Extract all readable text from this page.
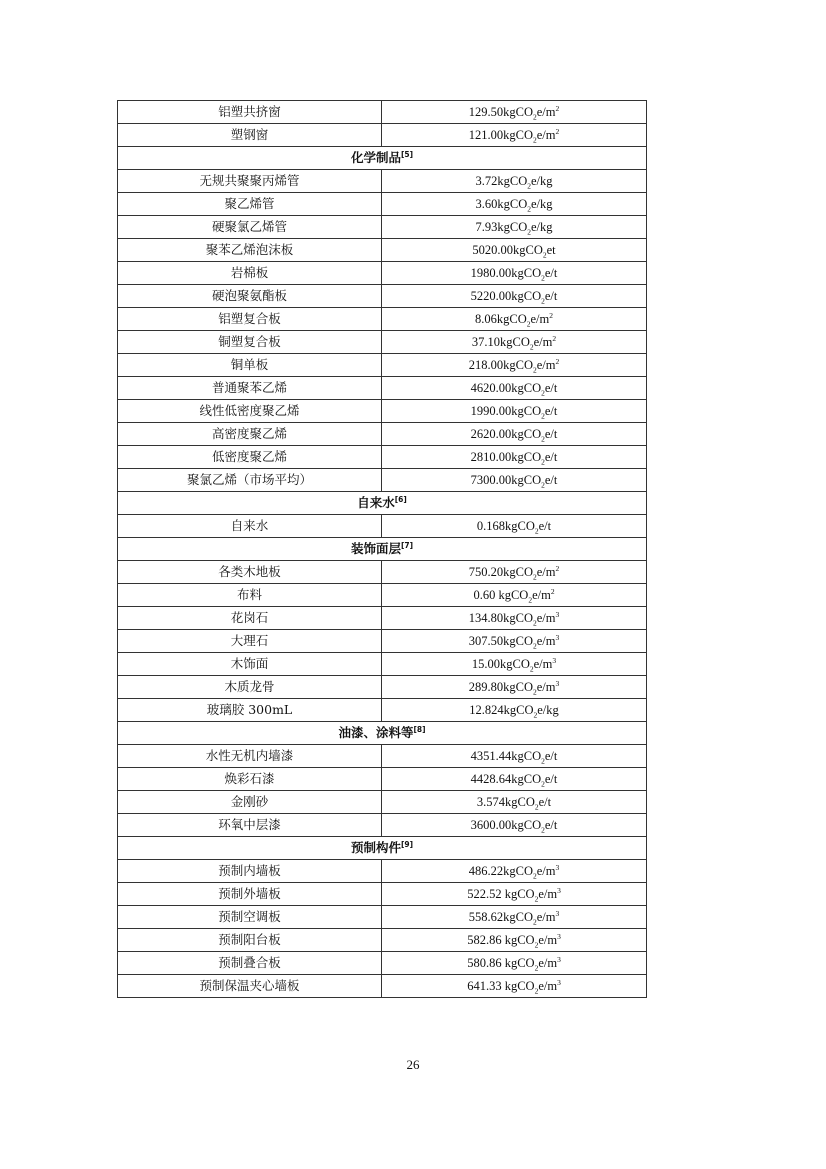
铝塑共挤窗	$129.50kgCO_2e/m^2$
塑钢窗	$121.00kgCO_2e/m^2$
化学制品[5]
无规共聚聚丙烯管	3.72kgCO$_2$e/kg
聚乙烯管	3.60kgCO$_2$e/kg
硬聚氯乙烯管	7.93kgCO$_2$e/kg
聚苯乙烯泡沫板	5020.00kgCO$_2$et
岩棉板	1980.00kgCO$_2$e/t
硬泡聚氨酯板	5220.00kgCO$_2$e/t
铝塑复合板	$8.06kgCO_2e/m^2$
铜塑复合板	$37.10kgCO_2e/m^2$
铜单板	$218.00kgCO_2e/m^2$
普通聚苯乙烯	4620.00kgCO$_2$e/t
线性低密度聚乙烯	1990.00kgCO$_2$e/t
高密度聚乙烯	2620.00kgCO$_2$e/t
低密度聚乙烯	2810.00kgCO$_2$e/t
聚氯乙烯（市场平均）	7300.00kgCO$_2$e/t
自来水[6]
自来水	0.168kgCO$_2$e/t
装饰面层[7]
各类木地板	$750.20kgCO_2e/m^2$
布料	0.60 $kgCO_2e/m^2$
花岗石	$134.80kgCO_2e/m^3$
大理石	$307.50kgCO_2e/m^3$
木饰面	$15.00kgCO_2e/m^3$
木质龙骨	$289.80kgCO_2e/m^3$
玻璃胶 300mL	12.824kgCO$_2$e/kg
油漆、涂料等[8]
水性无机内墙漆	4351.44kgCO$_2$e/t
焕彩石漆	4428.64kgCO$_2$e/t
金刚砂	3.574kgCO$_2$e/t
环氧中层漆	3600.00kgCO$_2$e/t
预制构件[9]
预制内墙板	$486.22kgCO_2e/m^3$
预制外墙板	522.52 $kgCO_2e/m^3$
预制空调板	$558.62kgCO_2e/m^3$
预制阳台板	582.86 $kgCO_2e/m^3$
预制叠合板	580.86 $kgCO_2e/m^3$
预制保温夹心墙板	641.33 $kgCO_2e/m^3$
26
